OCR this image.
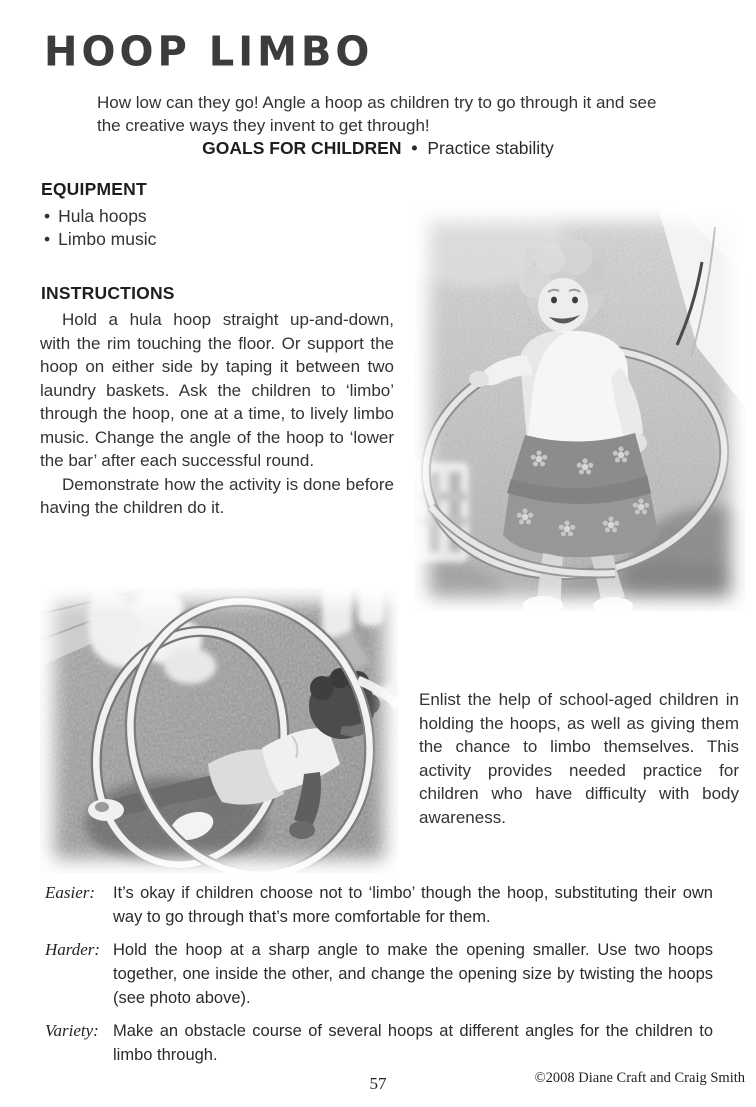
HOOP LIMBO

How low can they go! Angle a hoop as children try to go through it and see the creative ways they invent to get through!

GOALS FOR CHILDREN • Practice stability
EQUIPMENT
• Hula hoops
• Limbo music
INSTRUCTIONS

Hold a hula hoop straight up-and-down, with the rim touching the floor. Or support the hoop on either side by taping it between two laundry baskets. Ask the children to ‘limbo’ through the hoop, one at a time, to lively limbo music. Change the angle of the hoop to ‘lower the bar’ after each successful round.

Demonstrate how the activity is done before having the children do it.

Enlist the help of school-aged children in holding the hoops, as well as giving them the chance to limbo themselves. This activity provides needed practice for children who have difficulty with body awareness.

Easier:	It’s okay if children choose not to ‘limbo’ though the hoop, substituting their own way to go through that’s more comfortable for them.
Harder: Hold the hoop at a sharp angle to make the opening smaller. Use two hoops together, one inside the other, and change the opening size by twisting the hoops (see photo above).
Variety: Make an obstacle course of several hoops at different angles for the children to limbo through.
57	©2008 Diane Craft and Craig Smith
